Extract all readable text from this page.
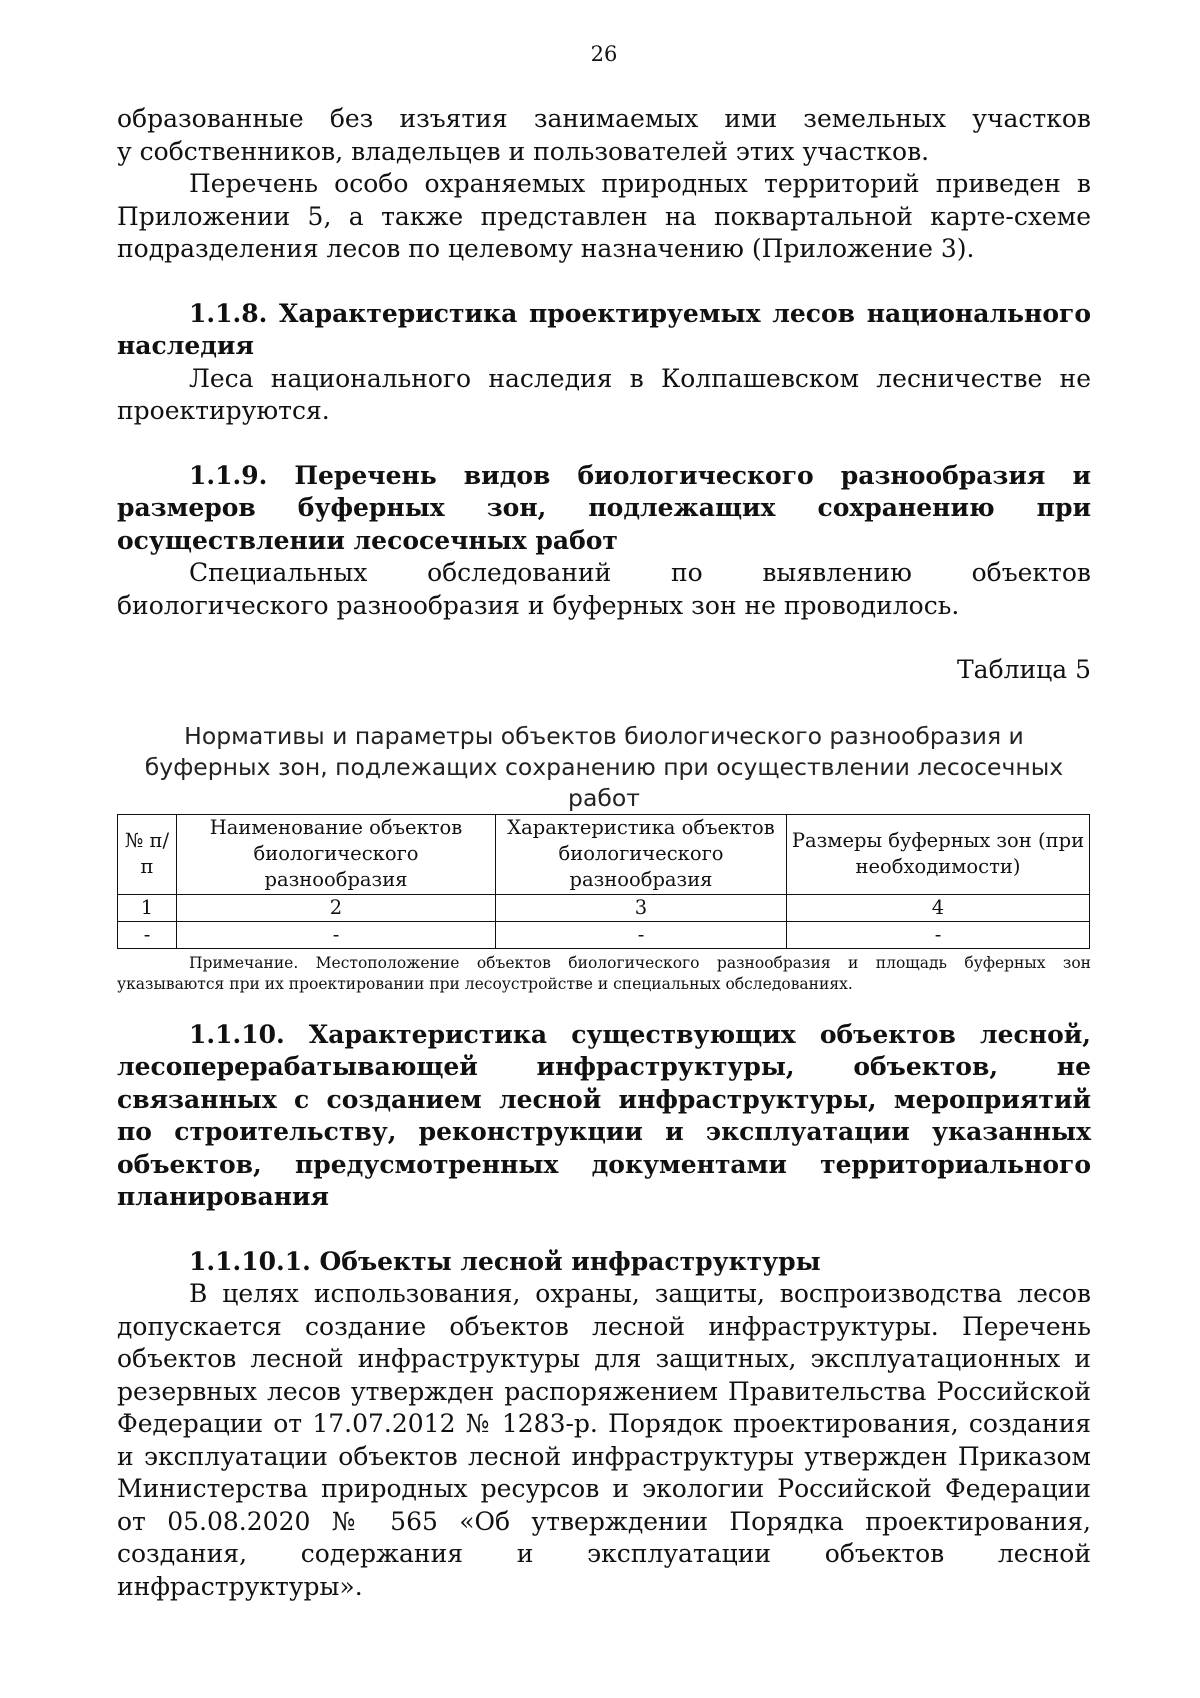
26

образованные без изъятия занимаемых ими земельных участков

у собственников, владельцев и пользователей этих участков.

Перечень особо охраняемых природных территорий приведен в Приложении 5, а также представлен на поквартальной карте-схеме подразделения лесов по целевому назначению (Приложение 3).

1.1.8. Характеристика проектируемых лесов национального наследия

Леса национального наследия в Колпашевском лесничестве не проектируются.

1.1.9. Перечень видов биологического разнообразия и размеров буферных зон, подлежащих сохранению при осуществлении лесосечных работ

Специальных обследований по выявлению объектов биологического разнообразия и буферных зон не проводилось.

Таблица 5

Нормативы и параметры объектов биологического разнообразия и
буферных зон, подлежащих сохранению при осуществлении лесосечных работ
№ п/п	Наименование объектов биологического разнообразия	Характеристика объектов биологического разнообразия	Размеры буферных зон (при необходимости)
1	2	3	4
-	-	-	-

Примечание. Местоположение объектов биологического разнообразия и площадь буферных зон указываются при их проектировании при лесоустройстве и специальных обследованиях.

1.1.10. Характеристика существующих объектов лесной, лесоперерабатывающей инфраструктуры, объектов, не связанных с созданием лесной инфраструктуры, мероприятий по строительству, реконструкции и эксплуатации указанных объектов, предусмотренных документами территориального планирования
1.1.10.1. Объекты лесной инфраструктуры

В целях использования, охраны, защиты, воспроизводства лесов допускается создание объектов лесной инфраструктуры. Перечень объектов лесной инфраструктуры для защитных, эксплуатационных и резервных лесов утвержден распоряжением Правительства Российской Федерации от 17.07.2012 № 1283-р. Порядок проектирования, создания и эксплуатации объектов лесной инфраструктуры утвержден Приказом Министерства природных ресурсов и экологии Российской Федерации от 05.08.2020 № 565 «Об утверждении Порядка проектирования, создания, содержания и эксплуатации объектов лесной инфраструктуры».
